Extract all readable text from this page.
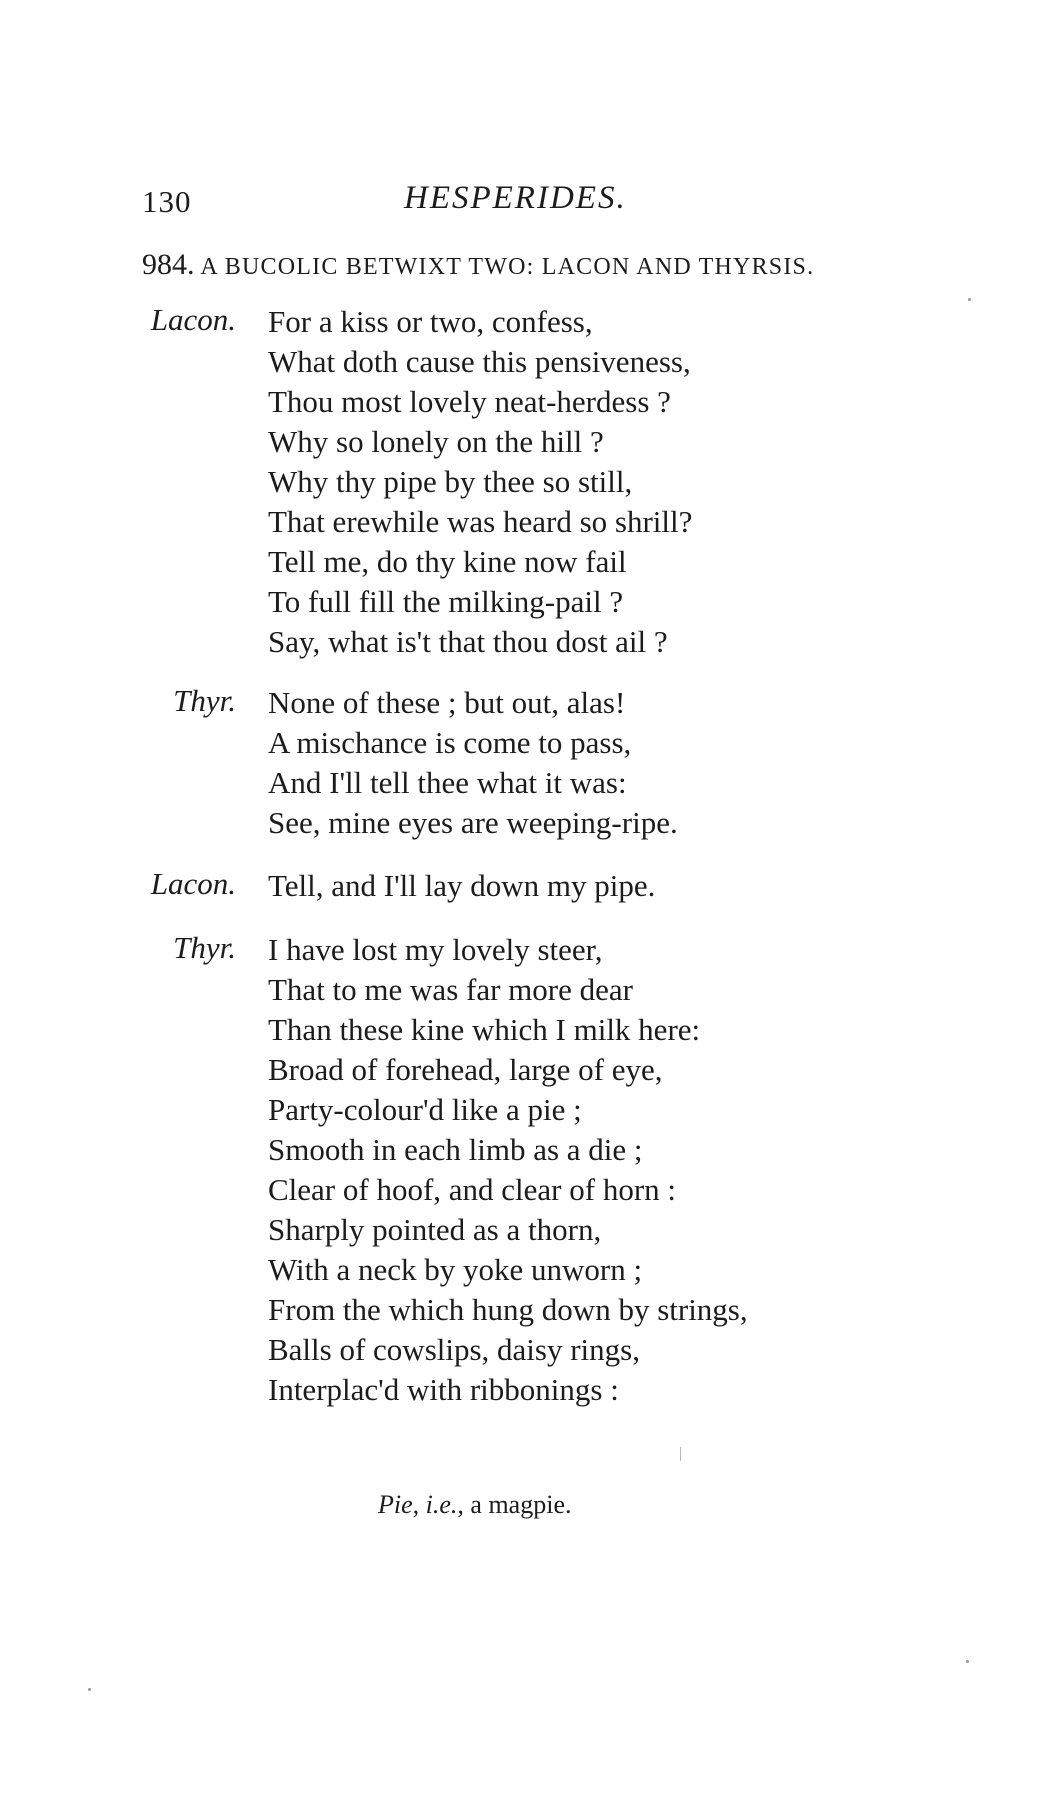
130	HESPERIDES.
984. A BUCOLIC BETWIXT TWO: LACON AND THYRSIS.
Lacon. For a kiss or two, confess,
What doth cause this pensiveness,
Thou most lovely neat-herdess ?
Why so lonely on the hill ?
Why thy pipe by thee so still,
That erewhile was heard so shrill?
Tell me, do thy kine now fail
To full fill the milking-pail ?
Say, what is't that thou dost ail ?
Thyr. None of these ; but out, alas!
A mischance is come to pass,
And I'll tell thee what it was:
See, mine eyes are weeping-ripe.
Lacon. Tell, and I'll lay down my pipe.
Thyr. I have lost my lovely steer,
That to me was far more dear
Than these kine which I milk here:
Broad of forehead, large of eye,
Party-colour'd like a pie ;
Smooth in each limb as a die ;
Clear of hoof, and clear of horn :
Sharply pointed as a thorn,
With a neck by yoke unworn ;
From the which hung down by strings,
Balls of cowslips, daisy rings,
Interplac'd with ribbonings :
Pie, i.e., a magpie.
